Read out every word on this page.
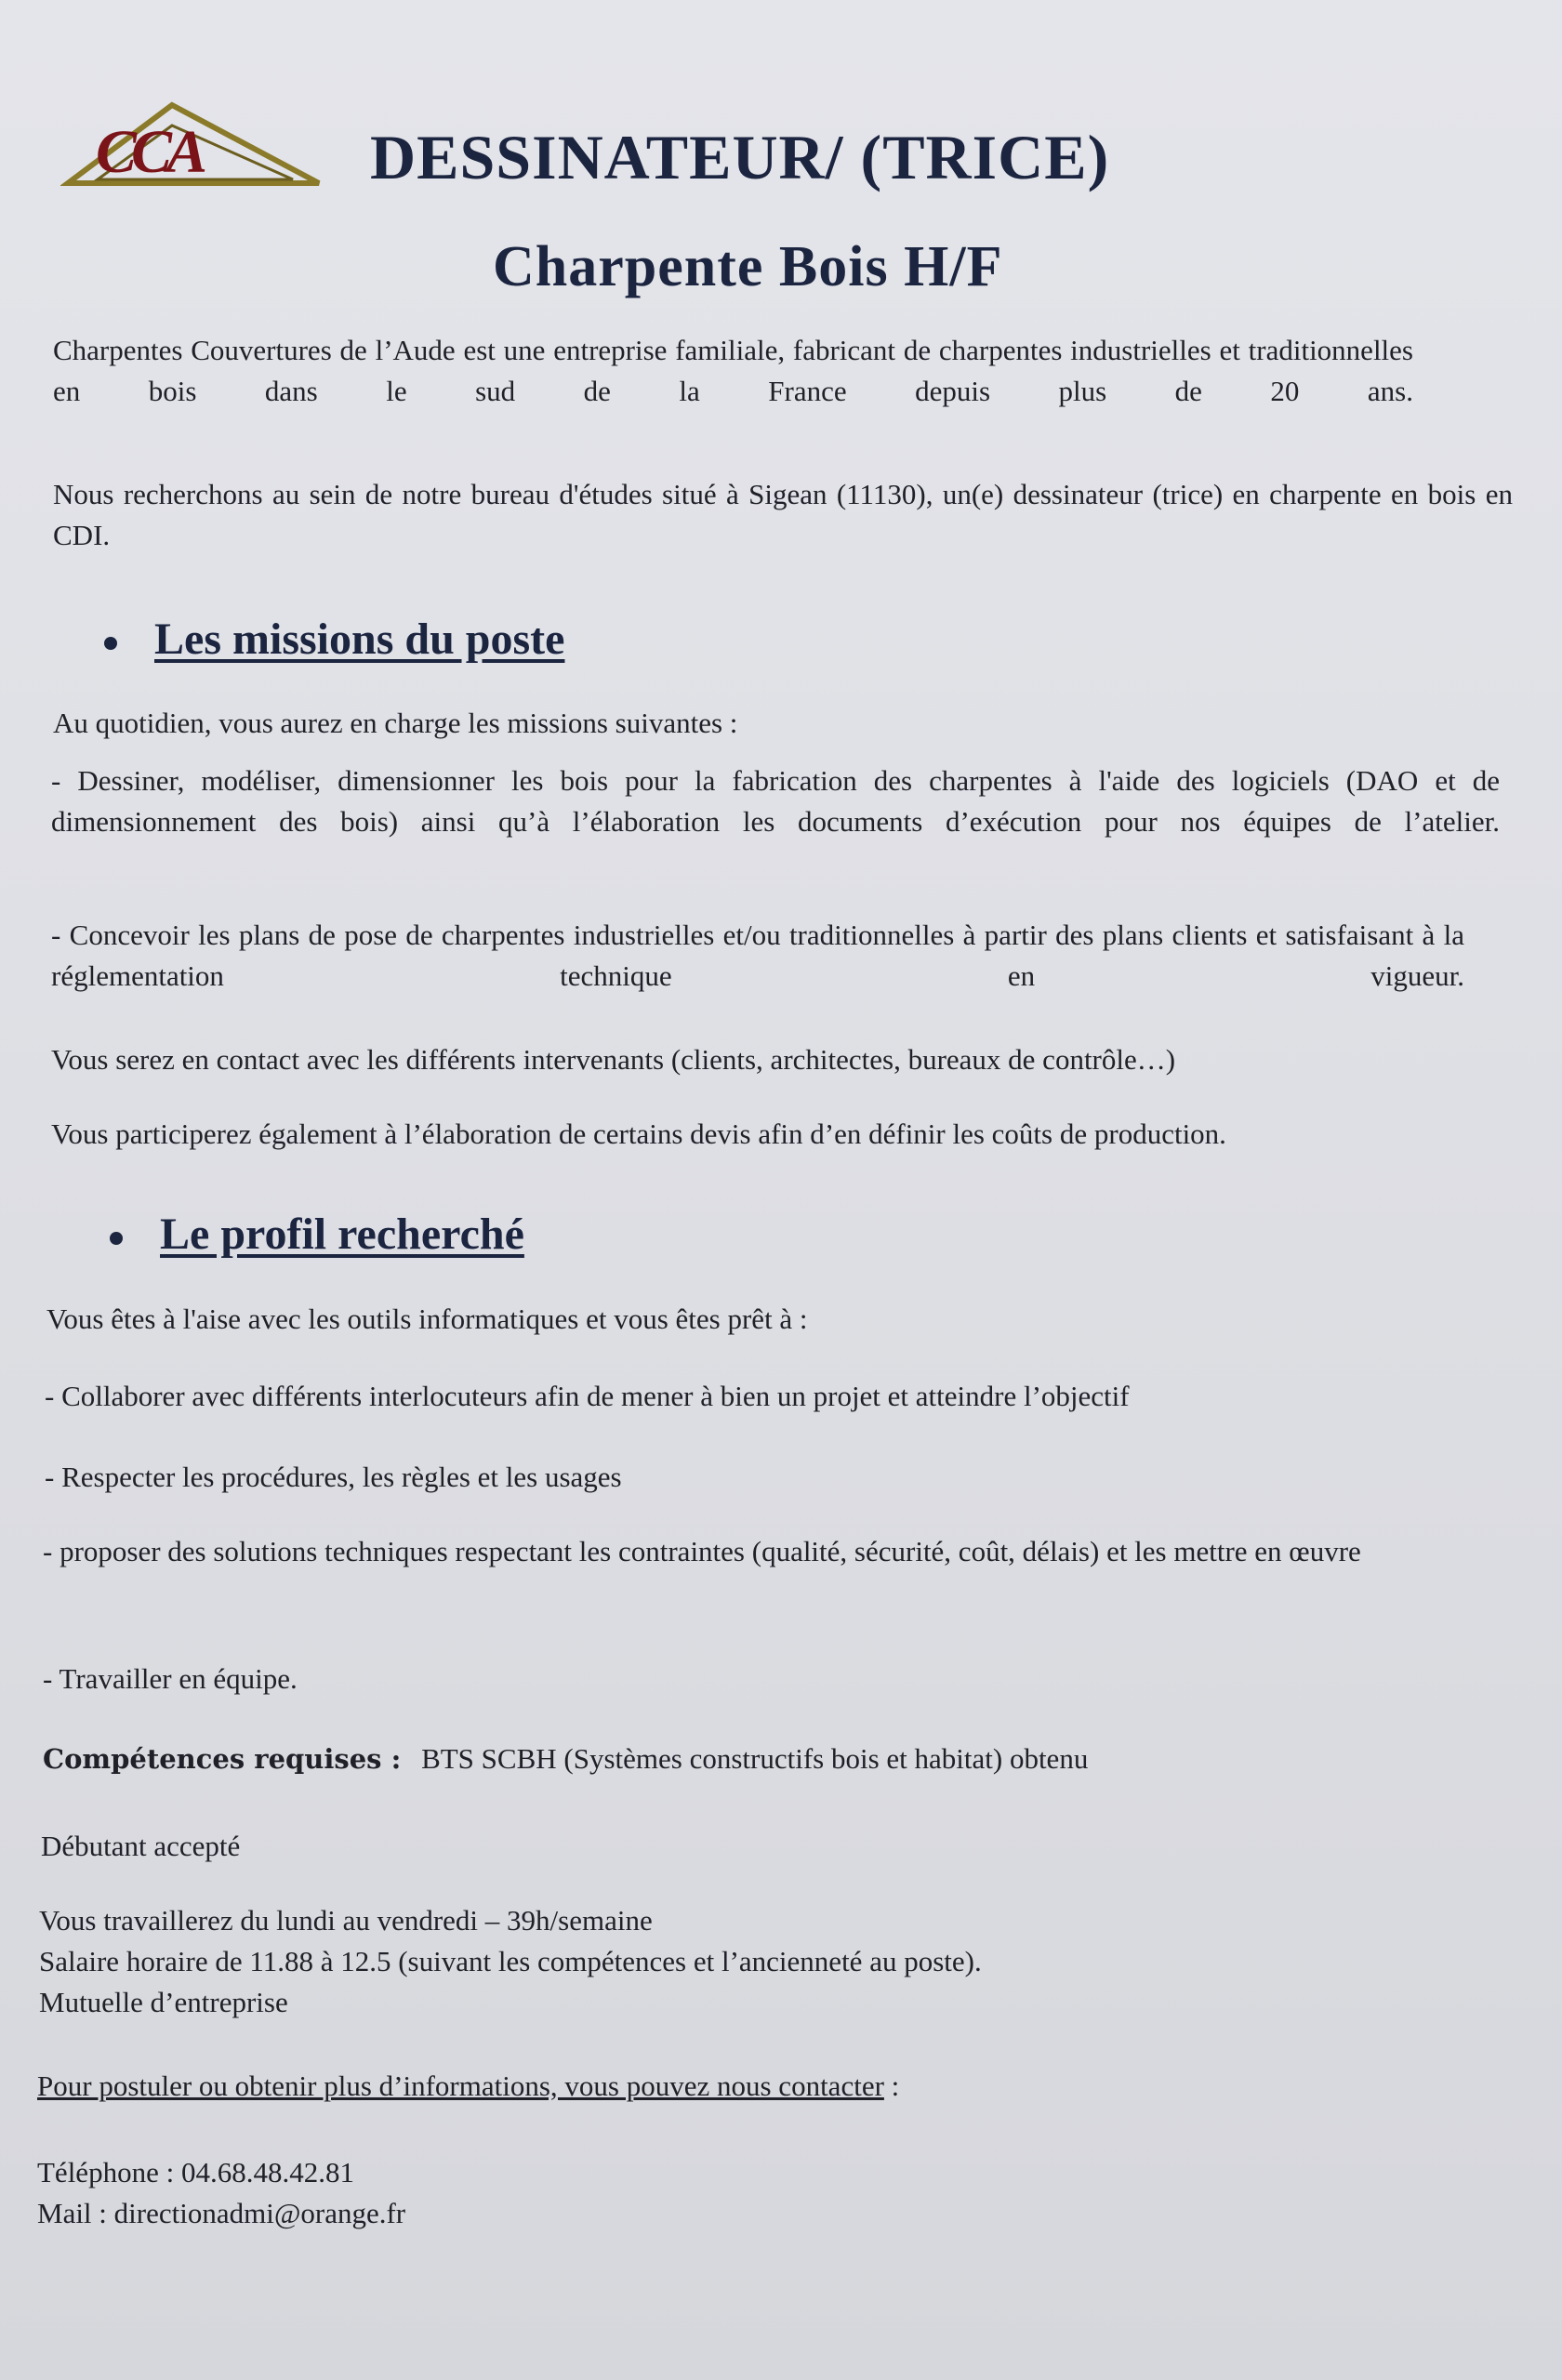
CCA	DESSINATEUR/ (TRICE)
Charpente Bois H/F

Charpentes Couvertures de l’Aude est une entreprise familiale, fabricant de charpentes industrielles et traditionnelles en bois dans le sud de la France depuis plus de 20 ans.

Nous recherchons au sein de notre bureau d'études situé à Sigean (11130), un(e) dessinateur (trice) en charpente en bois en CDI.

Les missions du poste

Au quotidien, vous aurez en charge les missions suivantes :

- Dessiner, modéliser, dimensionner les bois pour la fabrication des charpentes à l'aide des logiciels (DAO et de dimensionnement des bois) ainsi qu’à l’élaboration les documents d’exécution pour nos équipes de l’atelier.

- Concevoir les plans de pose de charpentes industrielles et/ou traditionnelles à partir des plans clients et satisfaisant à la réglementation technique en vigueur.

Vous serez en contact avec les différents intervenants (clients, architectes, bureaux de contrôle…)

Vous participerez également à l’élaboration de certains devis afin d’en définir les coûts de production.

Le profil recherché

Vous êtes à l'aise avec les outils informatiques et vous êtes prêt à :

- Collaborer avec différents interlocuteurs afin de mener à bien un projet et atteindre l’objectif

- Respecter les procédures, les règles et les usages

- proposer des solutions techniques respectant les contraintes (qualité, sécurité, coût, délais) et les mettre en œuvre

- Travailler en équipe.

Compétences requises : BTS SCBH (Systèmes constructifs bois et habitat) obtenu

Débutant accepté

Vous travaillerez du lundi au vendredi – 39h/semaine
Salaire horaire de 11.88 à 12.5 (suivant les compétences et l’ancienneté au poste).
Mutuelle d’entreprise

Pour postuler ou obtenir plus d’informations, vous pouvez nous contacter :

Téléphone : 04.68.48.42.81
Mail : directionadmi@orange.fr
